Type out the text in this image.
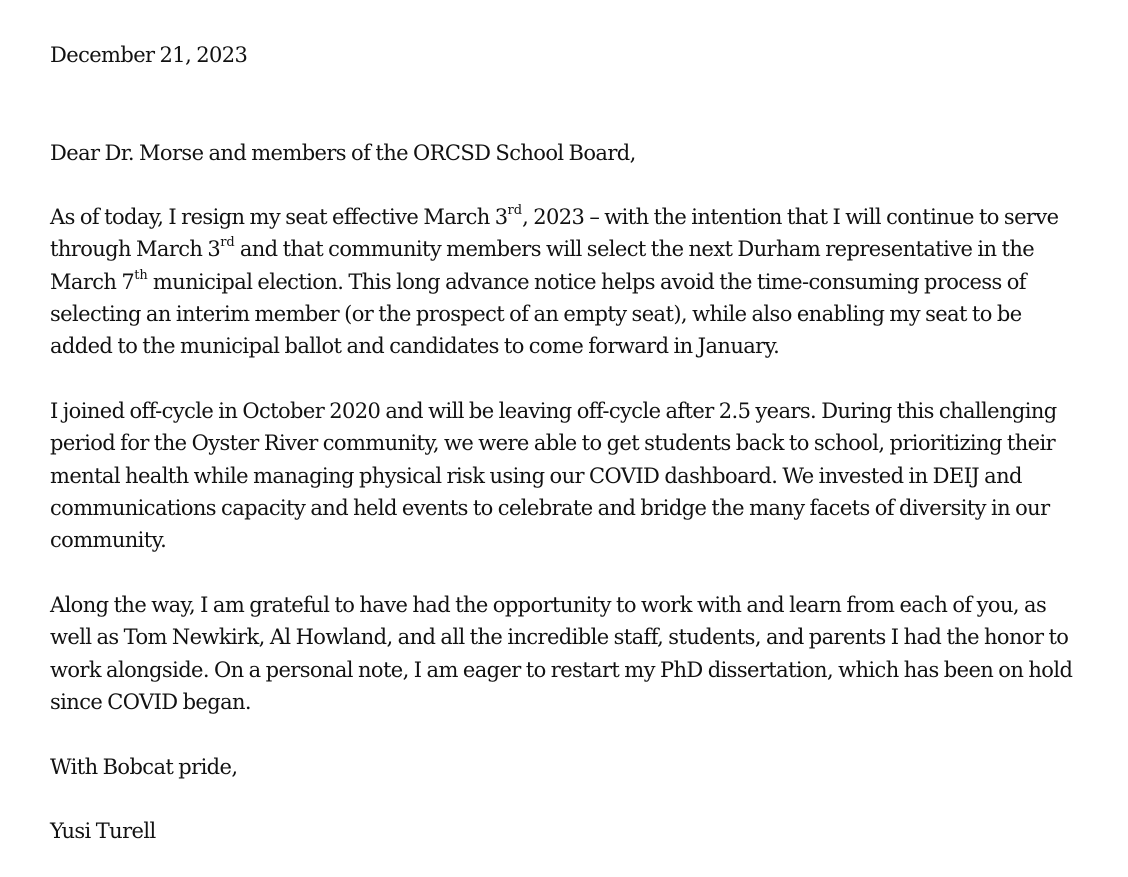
December 21, 2023
Dear Dr. Morse and members of the ORCSD School Board,
As of today, I resign my seat effective March 3rd, 2023 – with the intention that I will continue to serve
through March 3rd and that community members will select the next Durham representative in the
March 7th municipal election. This long advance notice helps avoid the time-consuming process of
selecting an interim member (or the prospect of an empty seat), while also enabling my seat to be
added to the municipal ballot and candidates to come forward in January.
I joined off-cycle in October 2020 and will be leaving off-cycle after 2.5 years. During this challenging
period for the Oyster River community, we were able to get students back to school, prioritizing their
mental health while managing physical risk using our COVID dashboard. We invested in DEIJ and
communications capacity and held events to celebrate and bridge the many facets of diversity in our
community.
Along the way, I am grateful to have had the opportunity to work with and learn from each of you, as
well as Tom Newkirk, Al Howland, and all the incredible staff, students, and parents I had the honor to
work alongside. On a personal note, I am eager to restart my PhD dissertation, which has been on hold
since COVID began.
With Bobcat pride,
Yusi Turell
